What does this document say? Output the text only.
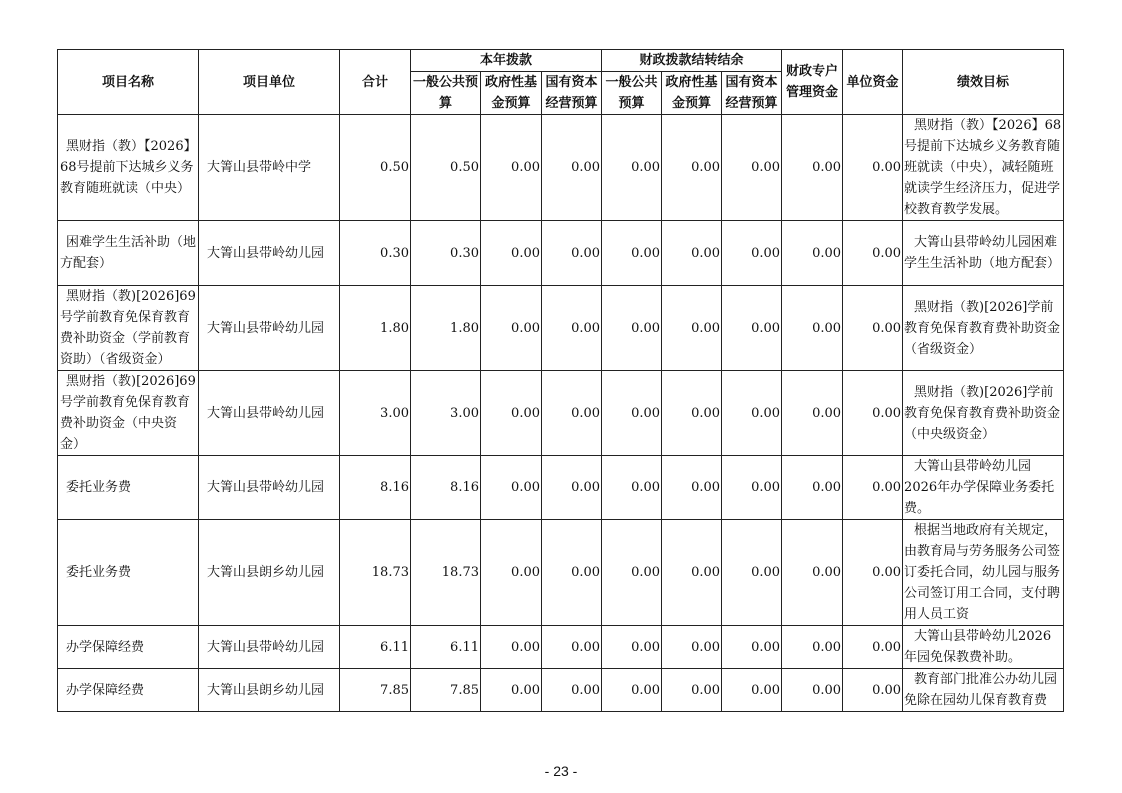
项目名称	项目单位	合计	本年拨款			财政拨款结转结余			财政专户管理资金	单位资金	绩效目标
			一般公共预算	政府性基金预算	国有资本经营预算	一般公共预算	政府性基金预算	国有资本经营预算			
黑财指（教）【2026】68号提前下达城乡义务教育随班就读（中央）	大箐山县带岭中学	0.50	0.50	0.00	0.00	0.00	0.00	0.00	0.00	0.00	黑财指（教）【2026】68号提前下达城乡义务教育随班就读（中央），减轻随班就读学生经济压力，促进学校教育教学发展。
困难学生生活补助（地方配套）	大箐山县带岭幼儿园	0.30	0.30	0.00	0.00	0.00	0.00	0.00	0.00	0.00	大箐山县带岭幼儿园困难学生生活补助（地方配套）
黑财指（教)[2026]69号学前教育免保育教育费补助资金（学前教育资助）（省级资金）	大箐山县带岭幼儿园	1.80	1.80	0.00	0.00	0.00	0.00	0.00	0.00	0.00	黑财指（教)[2026]学前教育免保育教育费补助资金（省级资金）
黑财指（教)[2026]69号学前教育免保育教育费补助资金（中央资金）	大箐山县带岭幼儿园	3.00	3.00	0.00	0.00	0.00	0.00	0.00	0.00	0.00	黑财指（教)[2026]学前教育免保育教育费补助资金（中央级资金）
委托业务费	大箐山县带岭幼儿园	8.16	8.16	0.00	0.00	0.00	0.00	0.00	0.00	0.00	大箐山县带岭幼儿园2026年办学保障业务委托费。
委托业务费	大箐山县朗乡幼儿园	18.73	18.73	0.00	0.00	0.00	0.00	0.00	0.00	0.00	根据当地政府有关规定，由教育局与劳务服务公司签订委托合同，幼儿园与服务公司签订用工合同，支付聘用人员工资
办学保障经费	大箐山县带岭幼儿园	6.11	6.11	0.00	0.00	0.00	0.00	0.00	0.00	0.00	大箐山县带岭幼儿2026年园免保教费补助。
办学保障经费	大箐山县朗乡幼儿园	7.85	7.85	0.00	0.00	0.00	0.00	0.00	0.00	0.00	教育部门批准公办幼儿园免除在园幼儿保育教育费
- 23 -
